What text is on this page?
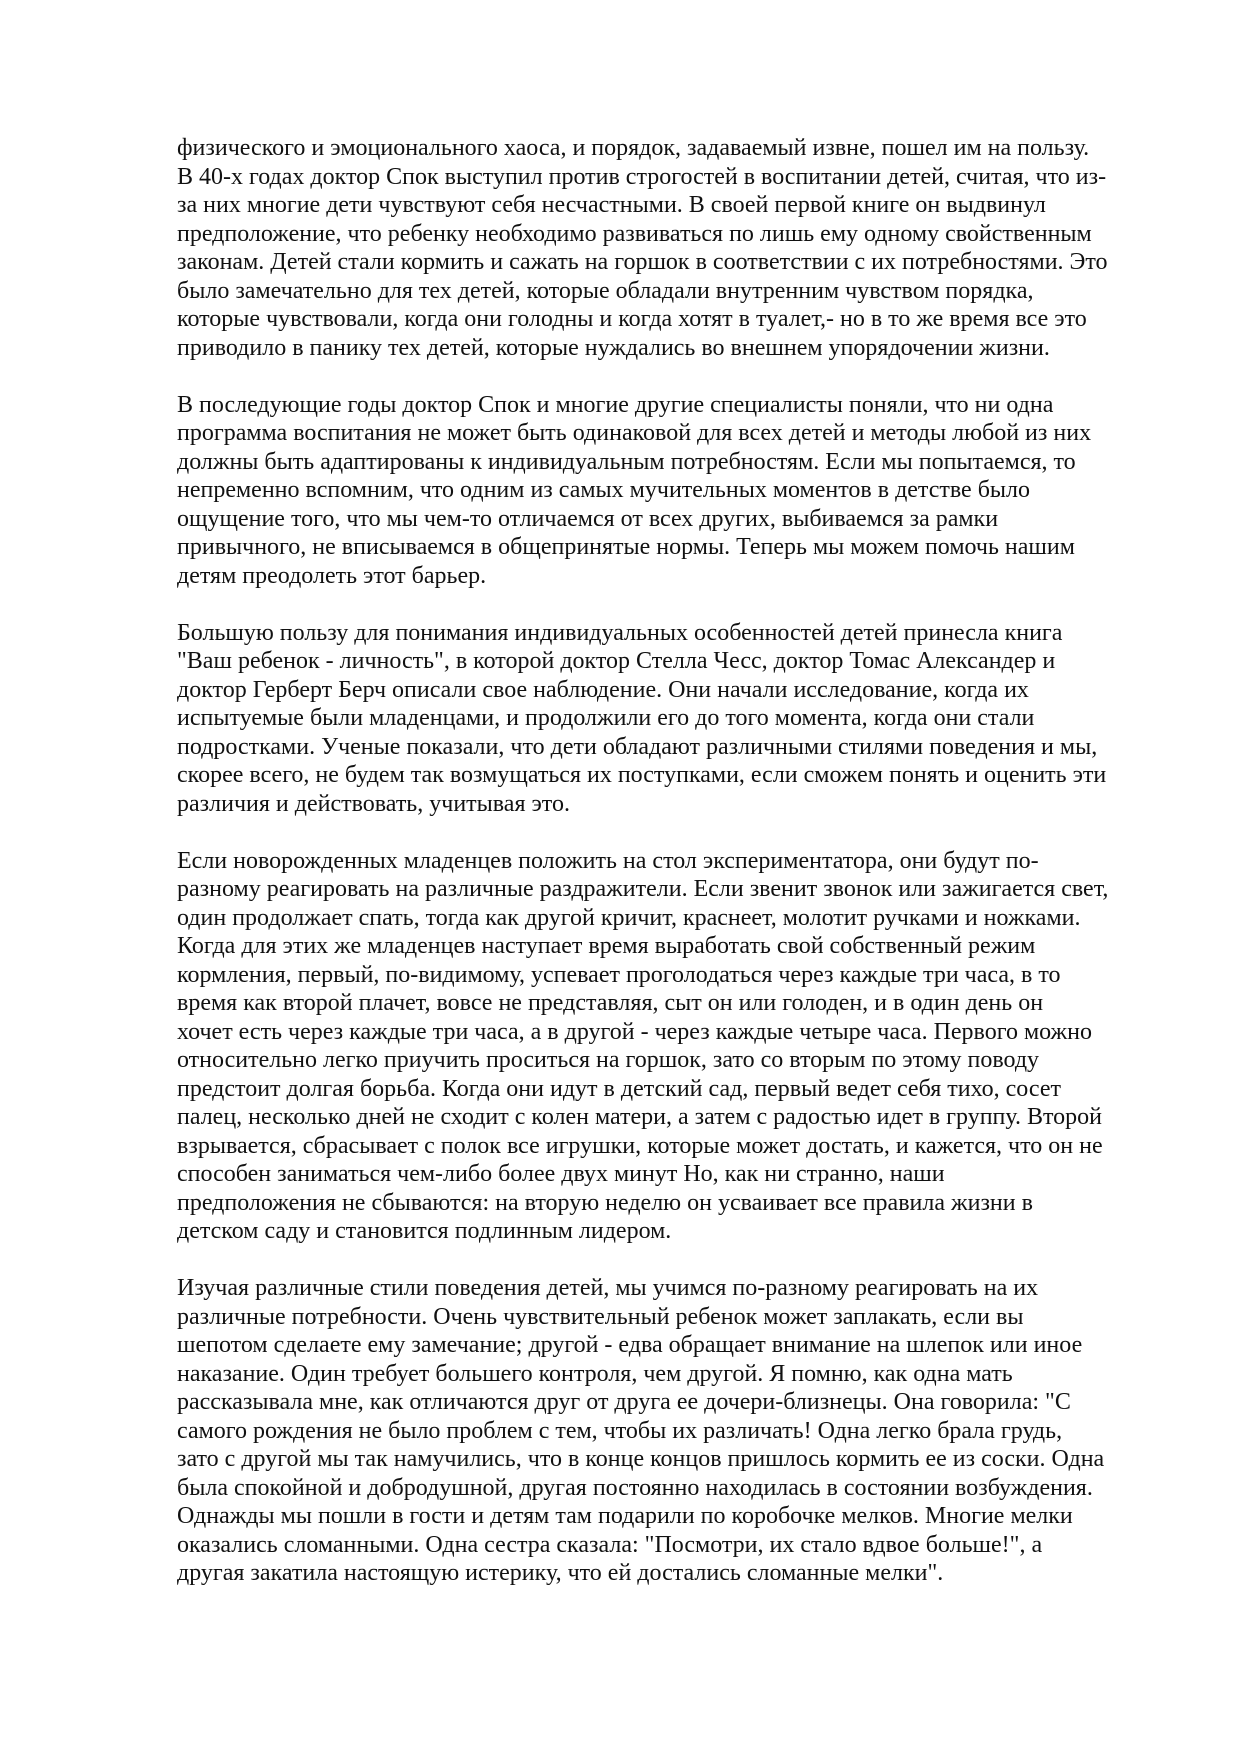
физического и эмоционального хаоса, и порядок, задаваемый извне, пошел им на пользу.
В 40-х годах доктор Спок выступил против строгостей в воспитании детей, считая, что из-
за них многие дети чувствуют себя несчастными. В своей первой книге он выдвинул
предположение, что ребенку необходимо развиваться по лишь ему одному свойственным
законам. Детей стали кормить и сажать на горшок в соответствии с их потребностями. Это
было замечательно для тех детей, которые обладали внутренним чувством порядка,
которые чувствовали, когда они голодны и когда хотят в туалет,- но в то же время все это
приводило в панику тех детей, которые нуждались во внешнем упорядочении жизни.
В последующие годы доктор Спок и многие другие специалисты поняли, что ни одна
программа воспитания не может быть одинаковой для всех детей и методы любой из них
должны быть адаптированы к индивидуальным потребностям. Если мы попытаемся, то
непременно вспомним, что одним из самых мучительных моментов в детстве было
ощущение того, что мы чем-то отличаемся от всех других, выбиваемся за рамки
привычного, не вписываемся в общепринятые нормы. Теперь мы можем помочь нашим
детям преодолеть этот барьер.
Большую пользу для понимания индивидуальных особенностей детей принесла книга
"Ваш ребенок - личность", в которой доктор Стелла Чесс, доктор Томас Александер и
доктор Герберт Берч описали свое наблюдение. Они начали исследование, когда их
испытуемые были младенцами, и продолжили его до того момента, когда они стали
подростками. Ученые показали, что дети обладают различными стилями поведения и мы,
скорее всего, не будем так возмущаться их поступками, если сможем понять и оценить эти
различия и действовать, учитывая это.
Если новорожденных младенцев положить на стол экспериментатора, они будут по-
разному реагировать на различные раздражители. Если звенит звонок или зажигается свет,
один продолжает спать, тогда как другой кричит, краснеет, молотит ручками и ножками.
Когда для этих же младенцев наступает время выработать свой собственный режим
кормления, первый, по-видимому, успевает проголодаться через каждые три часа, в то
время как второй плачет, вовсе не представляя, сыт он или голоден, и в один день он
хочет есть через каждые три часа, а в другой - через каждые четыре часа. Первого можно
относительно легко приучить проситься на горшок, зато со вторым по этому поводу
предстоит долгая борьба. Когда они идут в детский сад, первый ведет себя тихо, сосет
палец, несколько дней не сходит с колен матери, а затем с радостью идет в группу. Второй
взрывается, сбрасывает с полок все игрушки, которые может достать, и кажется, что он не
способен заниматься чем-либо более двух минут Но, как ни странно, наши
предположения не сбываются: на вторую неделю он усваивает все правила жизни в
детском саду и становится подлинным лидером.
Изучая различные стили поведения детей, мы учимся по-разному реагировать на их
различные потребности. Очень чувствительный ребенок может заплакать, если вы
шепотом сделаете ему замечание; другой - едва обращает внимание на шлепок или иное
наказание. Один требует большего контроля, чем другой. Я помню, как одна мать
рассказывала мне, как отличаются друг от друга ее дочери-близнецы. Она говорила: "С
самого рождения не было проблем с тем, чтобы их различать! Одна легко брала грудь,
зато с другой мы так намучились, что в конце концов пришлось кормить ее из соски. Одна
была спокойной и добродушной, другая постоянно находилась в состоянии возбуждения.
Однажды мы пошли в гости и детям там подарили по коробочке мелков. Многие мелки
оказались сломанными. Одна сестра сказала: "Посмотри, их стало вдвое больше!", а
другая закатила настоящую истерику, что ей достались сломанные мелки".
